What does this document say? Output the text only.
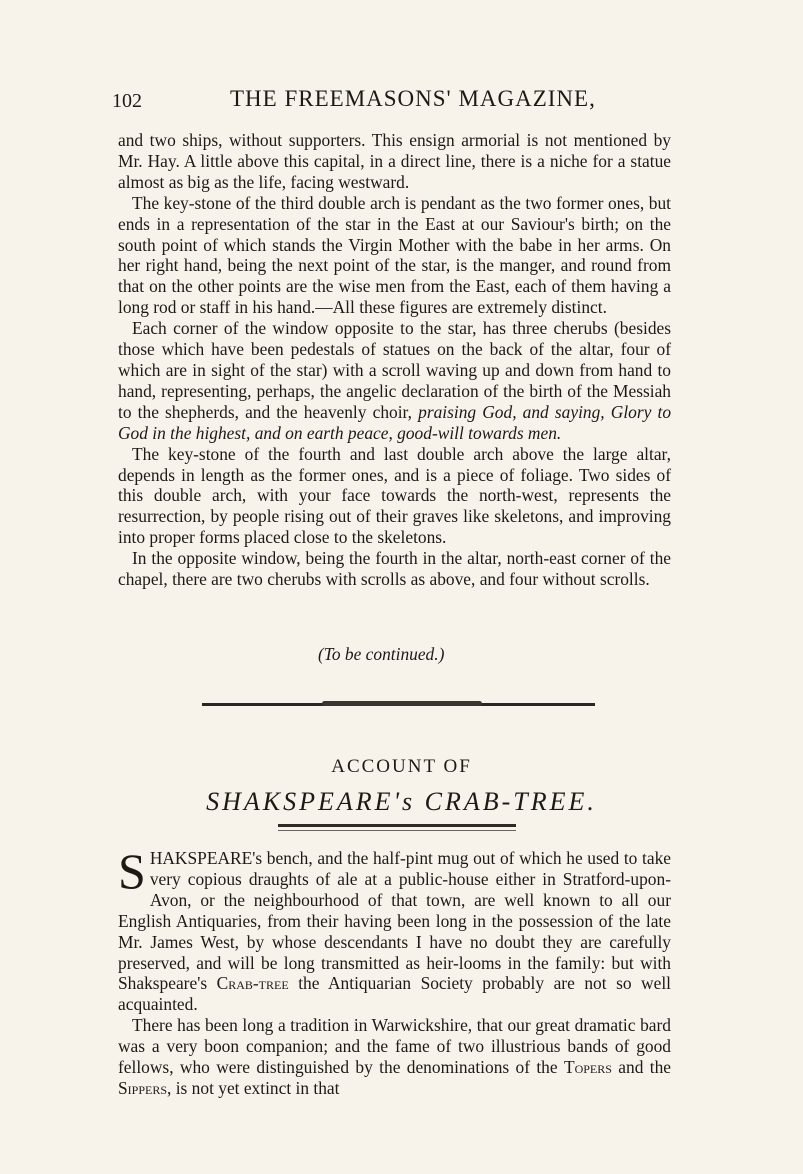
102	THE FREEMASONS' MAGAZINE,

and two ships, without supporters. This ensign armorial is not mentioned by Mr. Hay. A little above this capital, in a direct line, there is a niche for a statue almost as big as the life, facing westward.

The key-stone of the third double arch is pendant as the two former ones, but ends in a representation of the star in the East at our Saviour's birth; on the south point of which stands the Virgin Mother with the babe in her arms. On her right hand, being the next point of the star, is the manger, and round from that on the other points are the wise men from the East, each of them having a long rod or staff in his hand.—All these figures are extremely distinct.

Each corner of the window opposite to the star, has three cherubs (besides those which have been pedestals of statues on the back of the altar, four of which are in sight of the star) with a scroll waving up and down from hand to hand, representing, perhaps, the angelic declaration of the birth of the Messiah to the shepherds, and the heavenly choir, praising God, and saying, Glory to God in the highest, and on earth peace, good-will towards men.

The key-stone of the fourth and last double arch above the large altar, depends in length as the former ones, and is a piece of foliage. Two sides of this double arch, with your face towards the north-west, represents the resurrection, by people rising out of their graves like skeletons, and improving into proper forms placed close to the skeletons.

In the opposite window, being the fourth in the altar, north-east corner of the chapel, there are two cherubs with scrolls as above, and four without scrolls.

(To be continued.)
ACCOUNT OF
SHAKSPEARE's CRAB-TREE.

SHAKSPEARE's bench, and the half-pint mug out of which he used to take very copious draughts of ale at a public-house either in Stratford-upon-Avon, or the neighbourhood of that town, are well known to all our English Antiquaries, from their having been long in the possession of the late Mr. James West, by whose descendants I have no doubt they are carefully preserved, and will be long transmitted as heir-looms in the family: but with Shakspeare's Crab-tree the Antiquarian Society probably are not so well acquainted.

There has been long a tradition in Warwickshire, that our great dramatic bard was a very boon companion; and the fame of two illustrious bands of good fellows, who were distinguished by the denominations of the Topers and the Sippers, is not yet extinct in that
